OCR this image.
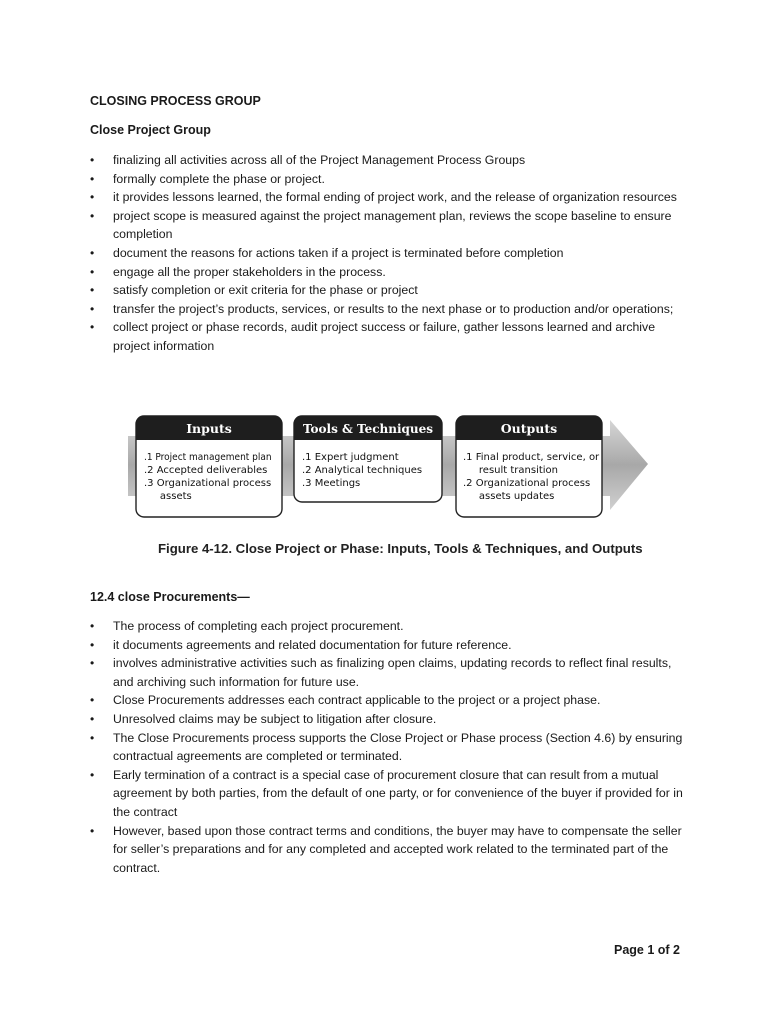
CLOSING PROCESS GROUP
Close Project Group
• finalizing all activities across all of the Project Management Process Groups
• formally complete the phase or project.
• it provides lessons learned, the formal ending of project work, and the release of organization resources
• project scope is measured against the project management plan, reviews the scope baseline to ensure completion
• document the reasons for actions taken if a project is terminated before completion
• engage all the proper stakeholders in the process.
• satisfy completion or exit criteria for the phase or project
• transfer the project’s products, services, or results to the next phase or to production and/or operations;
• collect project or phase records, audit project success or failure, gather lessons learned and archive project information
Inputs
.1 Project management plan
.2 Accepted deliverables
.3 Organizational process
assets
Tools & Techniques
.1 Expert judgment
.2 Analytical techniques
.3 Meetings
Outputs
.1 Final product, service, or
result transition
.2 Organizational process
assets updates
Figure 4-12. Close Project or Phase: Inputs, Tools & Techniques, and Outputs
12.4 close Procurements—
• The process of completing each project procurement.
• it documents agreements and related documentation for future reference.
• involves administrative activities such as finalizing open claims, updating records to reflect final results, and archiving such information for future use.
• Close Procurements addresses each contract applicable to the project or a project phase.
• Unresolved claims may be subject to litigation after closure.
• The Close Procurements process supports the Close Project or Phase process (Section 4.6) by ensuring contractual agreements are completed or terminated.
• Early termination of a contract is a special case of procurement closure that can result from a mutual agreement by both parties, from the default of one party, or for convenience of the buyer if provided for in the contract
• However, based upon those contract terms and conditions, the buyer may have to compensate the seller for seller’s preparations and for any completed and accepted work related to the terminated part of the contract.
Page 1 of 2
